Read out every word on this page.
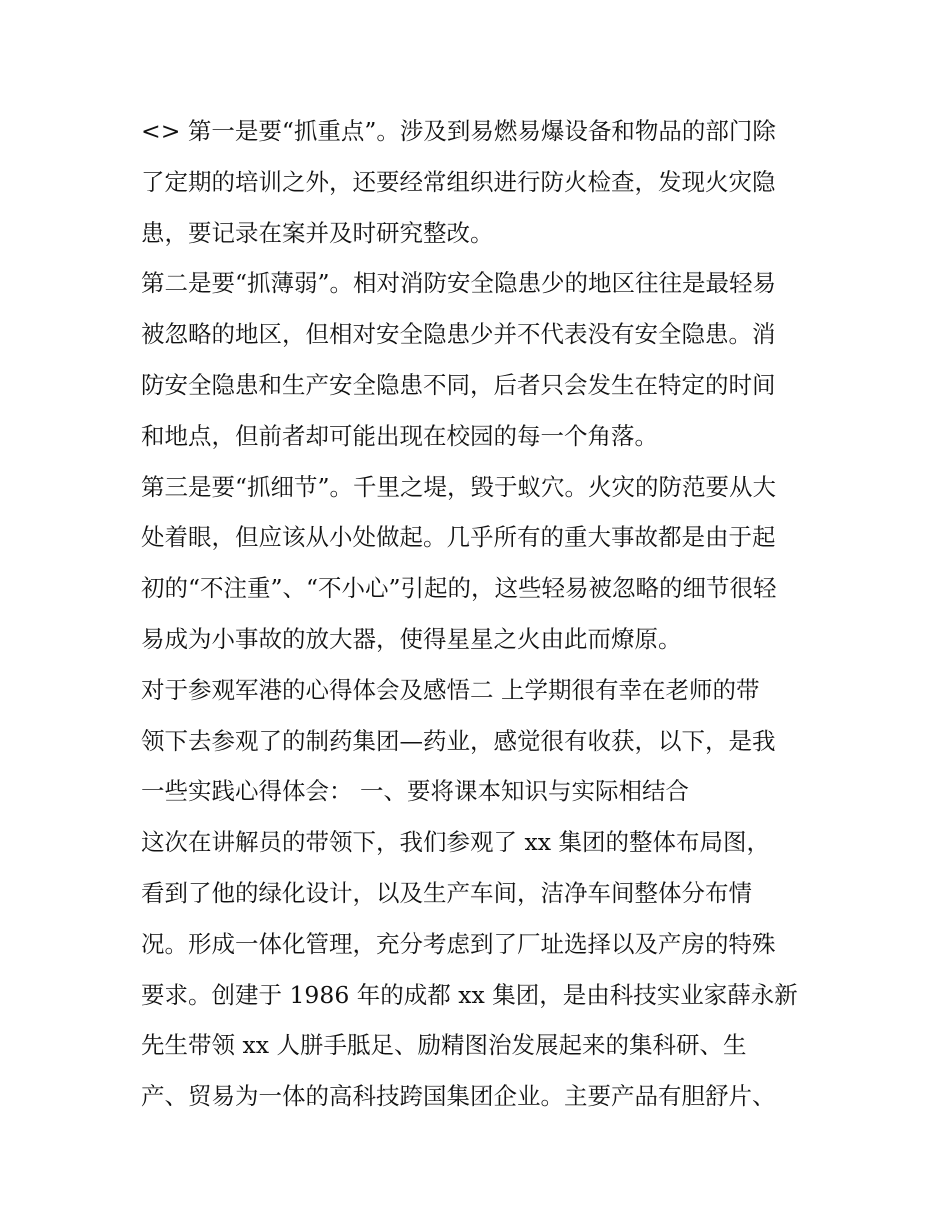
<> 第一是要“抓重点”。涉及到易燃易爆设备和物品的部门除
了定期的培训之外，还要经常组织进行防火检查，发现火灾隐
患，要记录在案并及时研究整改。
第二是要“抓薄弱”。相对消防安全隐患少的地区往往是最轻易
被忽略的地区，但相对安全隐患少并不代表没有安全隐患。消
防安全隐患和生产安全隐患不同，后者只会发生在特定的时间
和地点，但前者却可能出现在校园的每一个角落。
第三是要“抓细节”。千里之堤，毁于蚁穴。火灾的防范要从大
处着眼，但应该从小处做起。几乎所有的重大事故都是由于起
初的“不注重”、“不小心”引起的，这些轻易被忽略的细节很轻
易成为小事故的放大器，使得星星之火由此而燎原。
对于参观军港的心得体会及感悟二 上学期很有幸在老师的带
领下去参观了的制药集团—药业，感觉很有收获，以下，是我
一些实践心得体会： 一、要将课本知识与实际相结合
这次在讲解员的带领下，我们参观了 xx 集团的整体布局图，
看到了他的绿化设计，以及生产车间，洁净车间整体分布情
况。形成一体化管理，充分考虑到了厂址选择以及产房的特殊
要求。创建于 1986 年的成都 xx 集团，是由科技实业家薛永新
先生带领 xx 人胼手胝足、励精图治发展起来的集科研、生
产、贸易为一体的高科技跨国集团企业。主要产品有胆舒片、
